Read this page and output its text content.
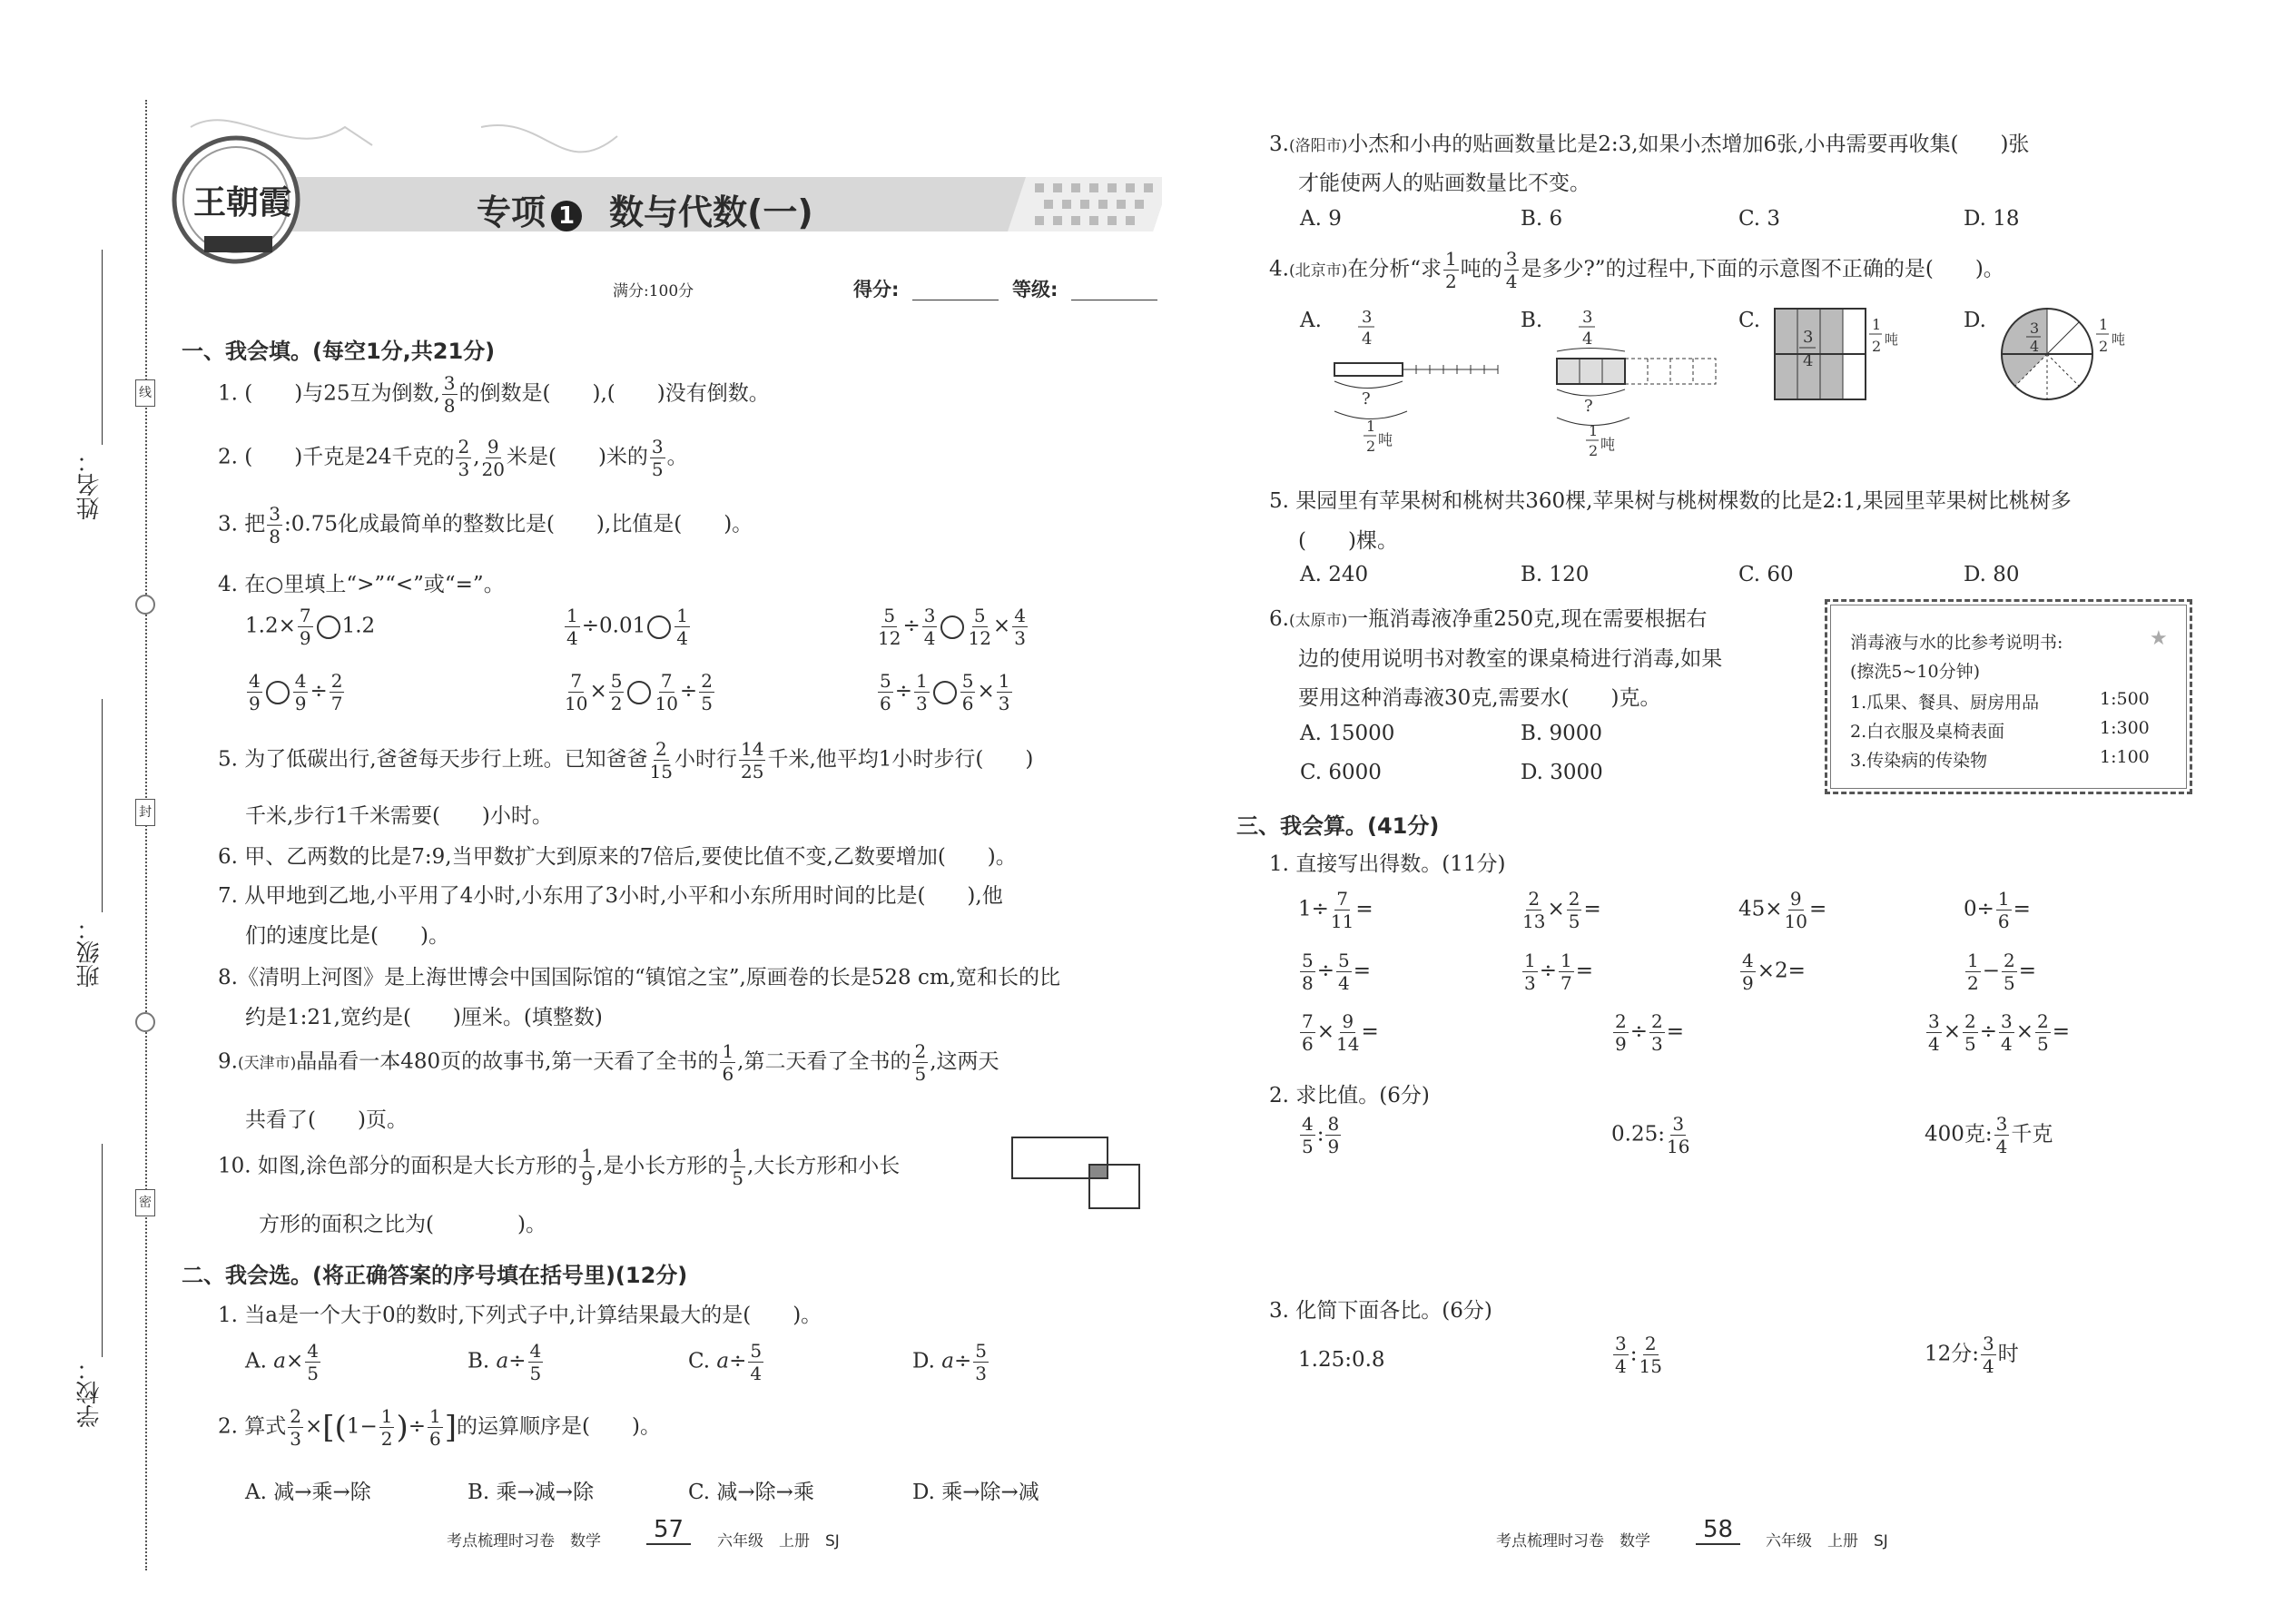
姓名：
班级：
学校：
线
封
密
王朝霞	专项 1 数与代数(一)
满分:100分	得分:	等级:
一、我会填。(每空1分,共21分)
1. (　　)与25互为倒数, $\frac{3}{8}$ 的倒数是(　　),(　　)没有倒数。
2. (　　)千克是24千克的 $\frac{2}{3}$ , $\frac{9}{20}$ 米是(　　)米的 $\frac{3}{5}$ 。
3. 把 $\frac{3}{8}$ :0.75化成最简单的整数比是(　　),比值是(　　)。
4. 在○里填上“>”“<”或“=”。
$1.2\times \frac{7}{9} 1.2$	$\frac{1}{4} \div 0.01 \frac{1}{4}$	$\frac{5}{12} \div \frac{3}{4} \frac{5}{12} \times \frac{4}{3}$
$\frac{4}{9} \frac{4}{9} \div \frac{2}{7}$	$\frac{7}{10} \times \frac{5}{2} \frac{7}{10} \div \frac{2}{5}$	$\frac{5}{6} \div \frac{1}{3} \frac{5}{6} \times \frac{1}{3}$
5. 为了低碳出行,爸爸每天步行上班。已知爸爸 $\frac{2}{15}$ 小时行 $\frac{14}{25}$ 千米,他平均1小时步行(　　)
千米,步行1千米需要(　　)小时。
6. 甲、乙两数的比是7:9,当甲数扩大到原来的7倍后,要使比值不变,乙数要增加(　　)。
7. 从甲地到乙地,小平用了4小时,小东用了3小时,小平和小东所用时间的比是(　　),他
们的速度比是(　　)。
8.《清明上河图》是上海世博会中国国际馆的“镇馆之宝”,原画卷的长是528 cm,宽和长的比
约是1:21,宽约是(　　)厘米。(填整数)
9.(天津市)晶晶看一本480页的故事书,第一天看了全书的 $\frac{1}{6}$ ,第二天看了全书的 $\frac{2}{5}$ ,这两天
共看了(　　)页。
10. 如图,涂色部分的面积是大长方形的 $\frac{1}{9}$ ,是小长方形的 $\frac{1}{5}$ ,大长方形和小长
方形的面积之比为(　　　　)。
二、我会选。(将正确答案的序号填在括号里)(12分)
1. 当a是一个大于0的数时,下列式子中,计算结果最大的是(　　)。
A. $a\times \frac{4}{5}$	B. $a\div \frac{4}{5}$	C. $a\div \frac{5}{4}$	D. $a\div \frac{5}{3}$
2. 算式 $\frac{2}{3} \times[(1- \frac{1}{2}$ )÷ $\frac{1}{6}$ ]的运算顺序是(　　)。
A. 减→乘→除	B. 乘→减→除	C. 减→除→乘	D. 乘→除→减
考点梳理时习卷　数学	57	六年级　上册　SJ
3.(洛阳市)小杰和小冉的贴画数量比是2:3,如果小杰增加6张,小冉需要再收集(　　)张
才能使两人的贴画数量比不变。
A. 9	B. 6	C. 3	D. 18
4.(北京市)在分析“求 $\frac{1}{2}$ 吨的 $\frac{3}{4}$ 是多少?”的过程中,下面的示意图不正确的是(　　)。
A. 3
4
?
1
2 吨
B. 3
4
?
1
2 吨
C.
3
4
1
2 吨
D.	3
4
1
2 吨
5. 果园里有苹果树和桃树共360棵,苹果树与桃树棵数的比是2:1,果园里苹果树比桃树多
(　　)棵。
A. 240	B. 120	C. 60	D. 80
6.(太原市)一瓶消毒液净重250克,现在需要根据右
边的使用说明书对教室的课桌椅进行消毒,如果
要用这种消毒液30克,需要水(　　)克。
A. 15000	B. 9000
C. 6000	D. 3000
消毒液与水的比参考说明书:	★
(擦洗5~10分钟)
1.瓜果、餐具、厨房用品	1:500
2.白衣服及桌椅表面	1:300
3.传染病的传染物	1:100
三、我会算。(41分)
1. 直接写出得数。(11分)
$1\div \frac{7}{11}$ =	$\frac{2}{13} \times \frac{2}{5}$ =	$45\times \frac{9}{10}$ =	$0\div \frac{1}{6}$ =
$\frac{5}{8} \div \frac{5}{4}$ =	$\frac{1}{3} \div \frac{1}{7}$ =	$\frac{4}{9} \times 2=$	$\frac{1}{2} - \frac{2}{5}$ =
$\frac{7}{6} \times \frac{9}{14}$ =	$\frac{2}{9} \div \frac{2}{3}$ =	$\frac{3}{4} \times \frac{2}{5} \div \frac{3}{4} \times \frac{2}{5}$ =
2. 求比值。(6分)
$\frac{4}{5}$ : $\frac{8}{9}$	0.25: $\frac{3}{16}$	400克: $\frac{3}{4}$ 千克
3. 化简下面各比。(6分)
1.25:0.8	$\frac{3}{4}$ : $\frac{2}{15}$	12分: $\frac{3}{4}$ 时
考点梳理时习卷　数学	58	六年级　上册　SJ
